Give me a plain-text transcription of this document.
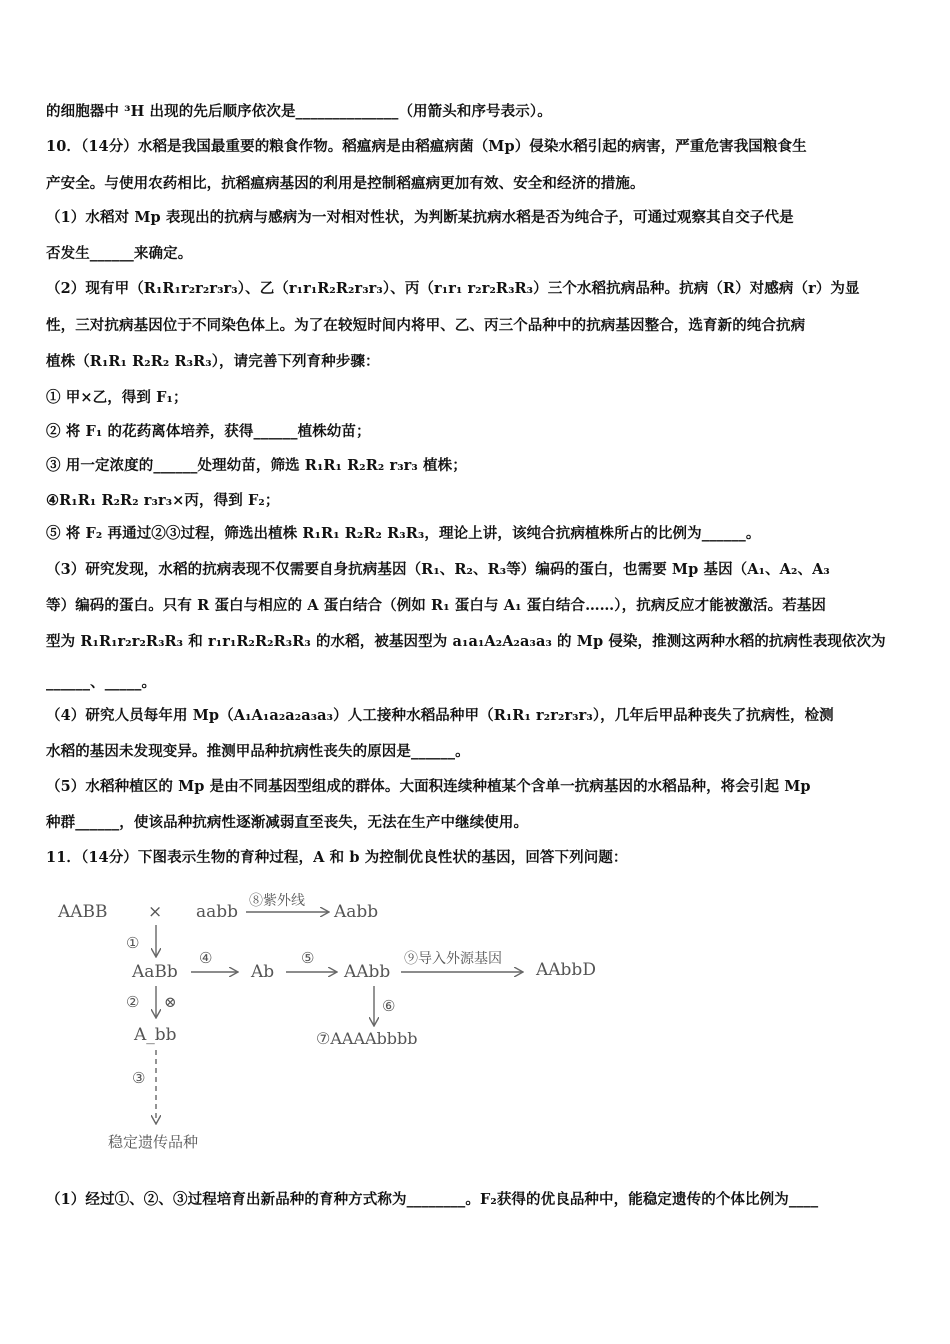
的细胞器中 ³H 出现的先后顺序依次是______________（用箭头和序号表示）。
10．（14分）水稻是我国最重要的粮食作物。稻瘟病是由稻瘟病菌（Mp）侵染水稻引起的病害，严重危害我国粮食生
产安全。与使用农药相比，抗稻瘟病基因的利用是控制稻瘟病更加有效、安全和经济的措施。
（1）水稻对 Mp 表现出的抗病与感病为一对相对性状，为判断某抗病水稻是否为纯合子，可通过观察其自交子代是
否发生______来确定。
（2）现有甲（R₁R₁r₂r₂r₃r₃）、乙（r₁r₁R₂R₂r₃r₃）、丙（r₁r₁ r₂r₂R₃R₃）三个水稻抗病品种。抗病（R）对感病（r）为显
性，三对抗病基因位于不同染色体上。为了在较短时间内将甲、乙、丙三个品种中的抗病基因整合，选育新的纯合抗病
植株（R₁R₁ R₂R₂ R₃R₃），请完善下列育种步骤：
① 甲×乙，得到 F₁；
② 将 F₁ 的花药离体培养，获得______植株幼苗；
③ 用一定浓度的______处理幼苗，筛选 R₁R₁ R₂R₂ r₃r₃ 植株；
④R₁R₁ R₂R₂ r₃r₃×丙，得到 F₂；
⑤ 将 F₂ 再通过②③过程，筛选出植株 R₁R₁ R₂R₂ R₃R₃，理论上讲，该纯合抗病植株所占的比例为______。
（3）研究发现，水稻的抗病表现不仅需要自身抗病基因（R₁、R₂、R₃等）编码的蛋白，也需要 Mp 基因（A₁、A₂、A₃
等）编码的蛋白。只有 R 蛋白与相应的 A 蛋白结合（例如 R₁ 蛋白与 A₁ 蛋白结合……），抗病反应才能被激活。若基因
型为 R₁R₁r₂r₂R₃R₃ 和 r₁r₁R₂R₂R₃R₃ 的水稻，被基因型为 a₁a₁A₂A₂a₃a₃ 的 Mp 侵染，推测这两种水稻的抗病性表现依次为
______、_____。
（4）研究人员每年用 Mp（A₁A₁a₂a₂a₃a₃）人工接种水稻品种甲（R₁R₁ r₂r₂r₃r₃），几年后甲品种丧失了抗病性，检测
水稻的基因未发现变异。推测甲品种抗病性丧失的原因是______。
（5）水稻种植区的 Mp 是由不同基因型组成的群体。大面积连续种植某个含单一抗病基因的水稻品种，将会引起 Mp
种群______，使该品种抗病性逐渐减弱直至丧失，无法在生产中继续使用。
11．（14分）下图表示生物的育种过程，A 和 b 为控制优良性状的基因，回答下列问题：
AABB × aabb
⑧紫外线
Aabb
①
AaBb
④
Ab
⑤
AAbb
⑨导入外源基因
AAbbD
② ⊗	⑥
A_bb	⑦AAAAbbbb
③
稳定遗传品种
（1）经过①、②、③过程培育出新品种的育种方式称为________。F₂获得的优良品种中，能稳定遗传的个体比例为____
